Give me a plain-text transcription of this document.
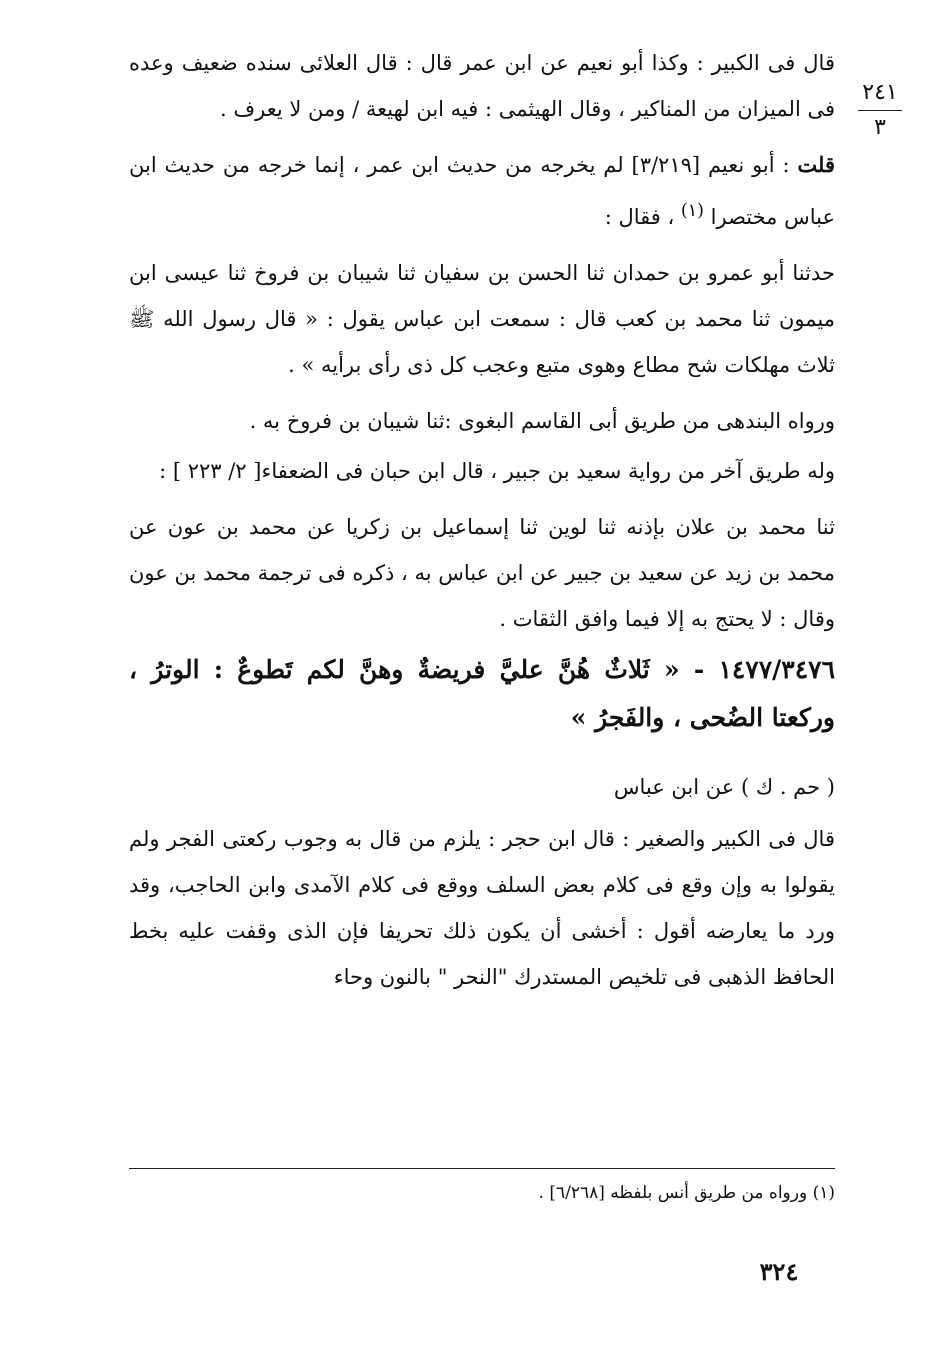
٢٤١
٣

قال فى الكبير : وكذا أبو نعيم عن ابن عمر قال : قال العلائى سنده ضعيف وعده فى الميزان من المناكير ، وقال الهيثمى : فيه ابن لهيعة / ومن لا يعرف .

قلت : أبو نعيم [٣/٢١٩] لم يخرجه من حديث ابن عمر ، إنما خرجه من حديث ابن عباس مختصرا $^{(١)}$ ، فقال :

حدثنا أبو عمرو بن حمدان ثنا الحسن بن سفيان ثنا شيبان بن فروخ ثنا عيسى ابن ميمون ثنا محمد بن كعب قال : سمعت ابن عباس يقول : « قال رسول الله ﷺ ثلاث مهلكات شح مطاع وهوى متبع وعجب كل ذى رأى برأيه » .

ورواه البندهى من طريق أبى القاسم البغوى :ثنا شيبان بن فروخ به .

وله طريق آخر من رواية سعيد بن جبير ، قال ابن حبان فى الضعفاء[ ٢/ ٢٢٣ ] :

ثنا محمد بن علان بإذنه ثنا لوين ثنا إسماعيل بن زكريا عن محمد بن عون عن محمد بن زيد عن سعيد بن جبير عن ابن عباس به ، ذكره فى ترجمة محمد بن عون وقال : لا يحتج به إلا فيما وافق الثقات .

١٤٧٧/٣٤٧٦ - « ثَلاثٌ هُنَّ عليَّ فريضةٌ وهنَّ لكم تَطوعٌ : الوترُ ، وركعتا الضُحى ، والفَجرُ »

( حم . ك ) عن ابن عباس

قال فى الكبير والصغير : قال ابن حجر : يلزم من قال به وجوب ركعتى الفجر ولم يقولوا به وإن وقع فى كلام بعض السلف ووقع فى كلام الآمدى وابن الحاجب، وقد ورد ما يعارضه أقول : أخشى أن يكون ذلك تحريفا فإن الذى وقفت عليه بخط الحافظ الذهبى فى تلخيص المستدرك "النحر " بالنون وحاء

(١) ورواه من طريق أنس بلفظه [٦/٢٦٨] .
٣٢٤
